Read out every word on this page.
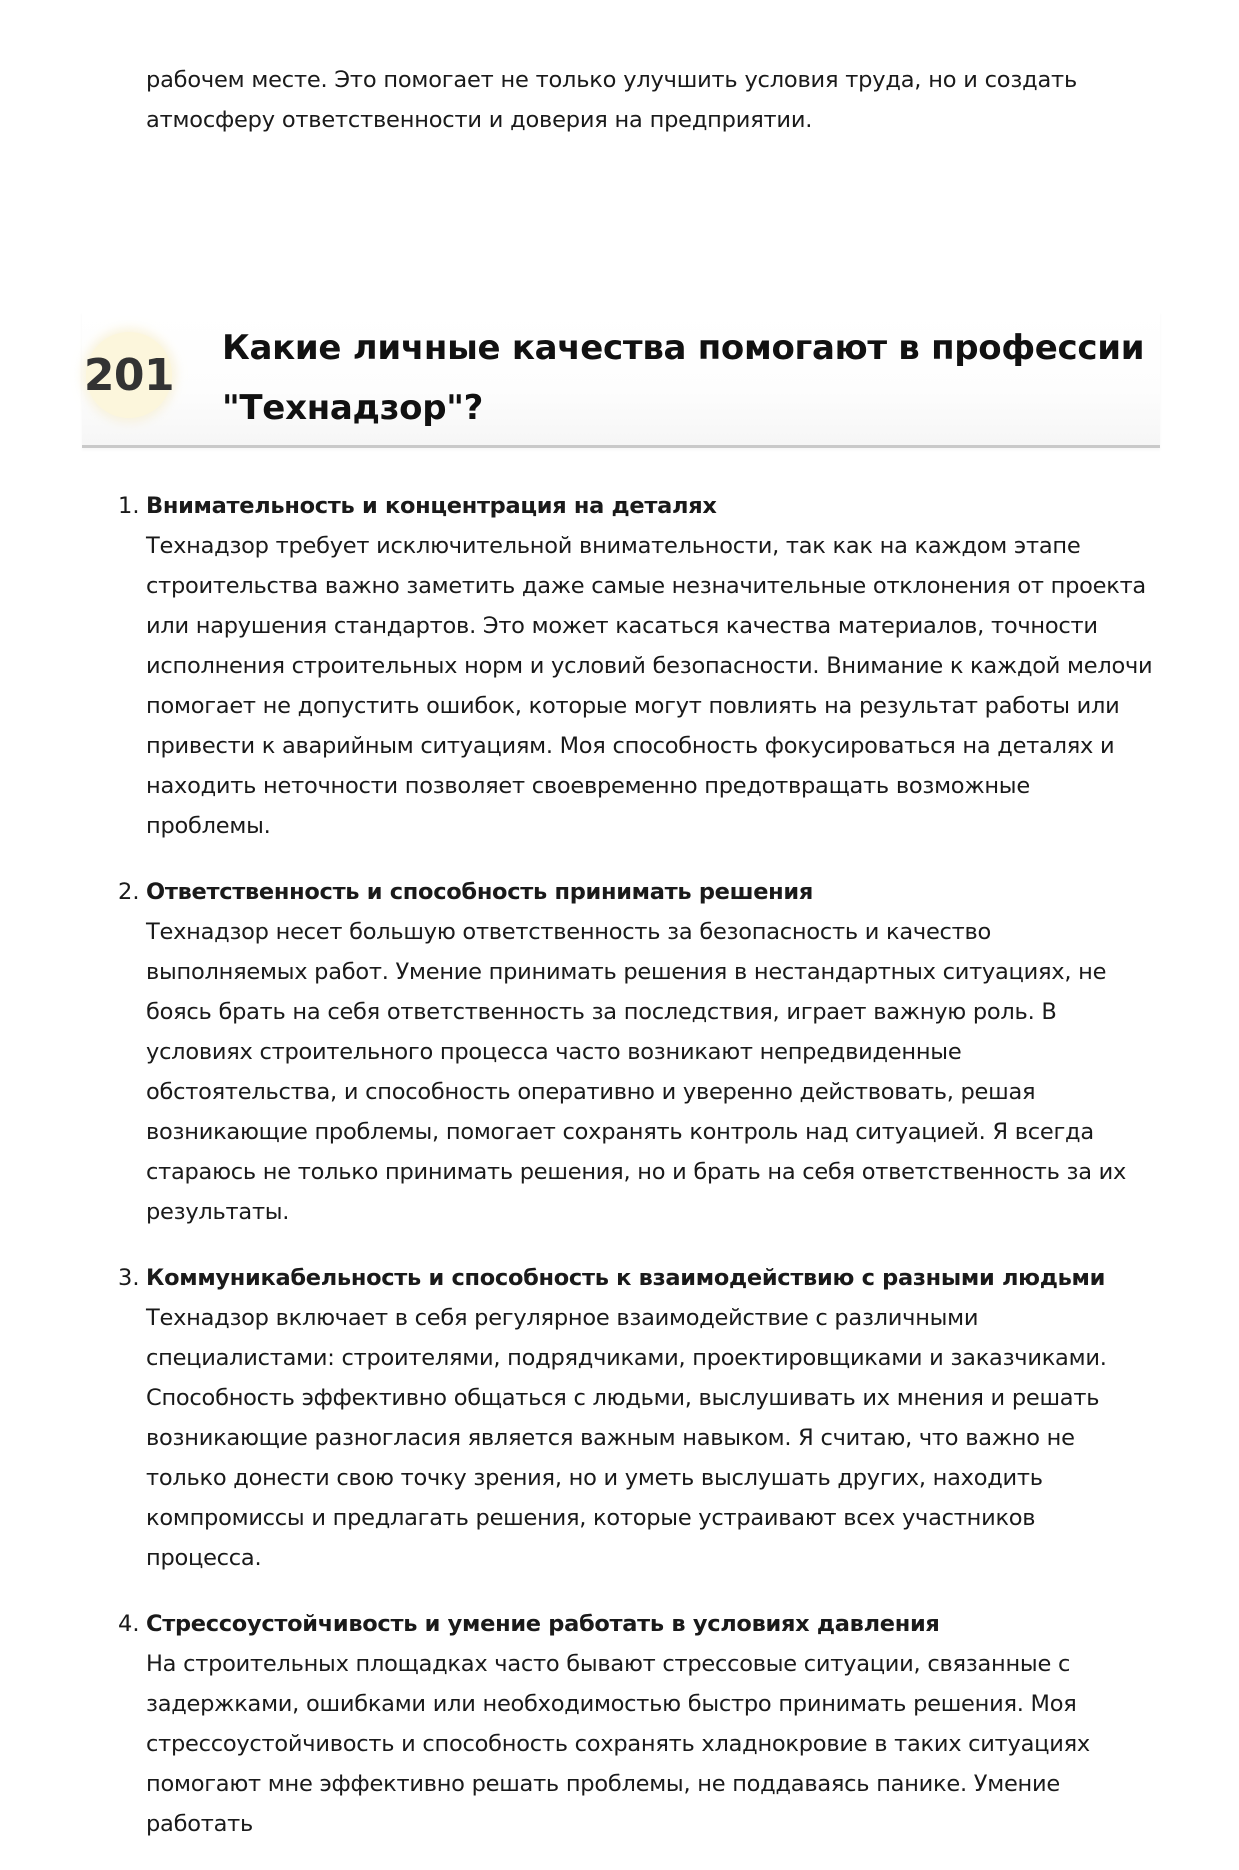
рабочем месте. Это помогает не только улучшить условия труда, но и создать атмосферу ответственности и доверия на предприятии.

201
Какие личные качества помогают в профессии "Технадзор"?
1. Внимательность и концентрация на деталях

Технадзор требует исключительной внимательности, так как на каждом этапе строительства важно заметить даже самые незначительные отклонения от проекта или нарушения стандартов. Это может касаться качества материалов, точности исполнения строительных норм и условий безопасности. Внимание к каждой мелочи помогает не допустить ошибок, которые могут повлиять на результат работы или привести к аварийным ситуациям. Моя способность фокусироваться на деталях и находить неточности позволяет своевременно предотвращать возможные проблемы.

2. Ответственность и способность принимать решения

Технадзор несет большую ответственность за безопасность и качество выполняемых работ. Умение принимать решения в нестандартных ситуациях, не боясь брать на себя ответственность за последствия, играет важную роль. В условиях строительного процесса часто возникают непредвиденные обстоятельства, и способность оперативно и уверенно действовать, решая возникающие проблемы, помогает сохранять контроль над ситуацией. Я всегда стараюсь не только принимать решения, но и брать на себя ответственность за их результаты.

3. Коммуникабельность и способность к взаимодействию с разными людьми

Технадзор включает в себя регулярное взаимодействие с различными специалистами: строителями, подрядчиками, проектировщиками и заказчиками. Способность эффективно общаться с людьми, выслушивать их мнения и решать возникающие разногласия является важным навыком. Я считаю, что важно не только донести свою точку зрения, но и уметь выслушать других, находить компромиссы и предлагать решения, которые устраивают всех участников процесса.

4. Стрессоустойчивость и умение работать в условиях давления

На строительных площадках часто бывают стрессовые ситуации, связанные с задержками, ошибками или необходимостью быстро принимать решения. Моя стрессоустойчивость и способность сохранять хладнокровие в таких ситуациях помогают мне эффективно решать проблемы, не поддаваясь панике. Умение работать
